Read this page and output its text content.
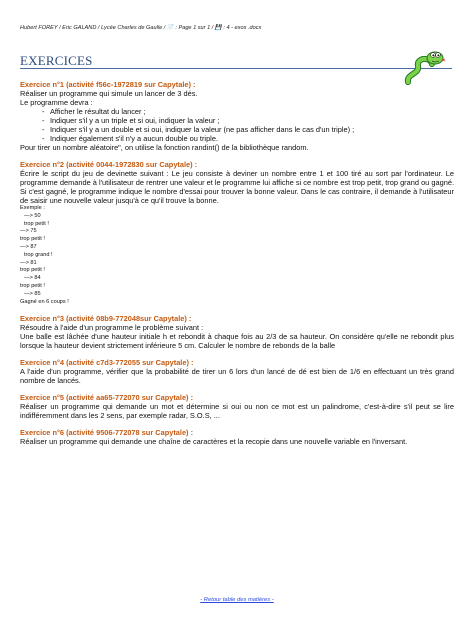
Hubert FOREY / Eric GALAND / Lycée Charles de Gaulle / 📄 : Page 1 sur 1 / 💾 : 4 - exos .docx
EXERCICES
Exercice n°1 (activité f56c-1972819 sur Capytale) :
Réaliser un programme qui simule un lancer de 3 dés.
Le programme devra :
- Afficher le résultat du lancer ;
- Indiquer s'il y a un triple et si oui, indiquer la valeur ;
- Indiquer s'il y a un double et si oui, indiquer la valeur (ne pas afficher dans le cas d'un triple) ;
- Indiquer également s'il n'y a aucun double ou triple.
Pour tirer un nombre aléatoire", on utilise la fonction randint() de la bibliothèque random.
Exercice n°2 (activité 0044-1972830 sur Capytale) :
Écrire le script du jeu de devinette suivant : Le jeu consiste à deviner un nombre entre 1 et 100 tiré au sort par l'ordinateur. Le programme demande à l'utilisateur de rentrer une valeur et le programme lui affiche si ce nombre est trop petit, trop grand ou gagné. Si c'est gagné, le programme indique le nombre d'essai pour trouver la bonne valeur. Dans le cas contraire, il demande à l'utilisateur de saisir une nouvelle valeur jusqu'à ce qu'il trouve la bonne.
Exemple :
—> 50
trop petit !
—> 75
trop petit !
—> 87
trop grand !
—> 81
trop petit !
—> 84
trop petit !
—> 85
Gagné en 6 coups !
Exercice n°3 (activité 08b9-772048sur Capytale) :
Résoudre à l'aide d'un programme le problème suivant :
Une balle est lâchée d'une hauteur initiale h et rebondit à chaque fois au 2/3 de sa hauteur. On considère qu'elle ne rebondit plus lorsque la hauteur devient strictement inférieure 5 cm. Calculer le nombre de rebonds de la balle
Exercice n°4 (activité c7d3-772055 sur Capytale) :
A l'aide d'un programme, vérifier que la probabilité de tirer un 6 lors d'un lancé de dé est bien de 1/6 en effectuant un très grand nombre de lancés.
Exercice n°5 (activité aa65-772070 sur Capytale) :
Réaliser un programme qui demande un mot et détermine si oui ou non ce mot est un palindrome, c'est-à-dire s'il peut se lire indifféremment dans les 2 sens, par exemple radar, S.O.S, ...
Exercice n°6 (activité 9506-772078 sur Capytale) :
Réaliser un programme qui demande une chaîne de caractères et la recopie dans une nouvelle variable en l'inversant.
- Retour table des matières -
